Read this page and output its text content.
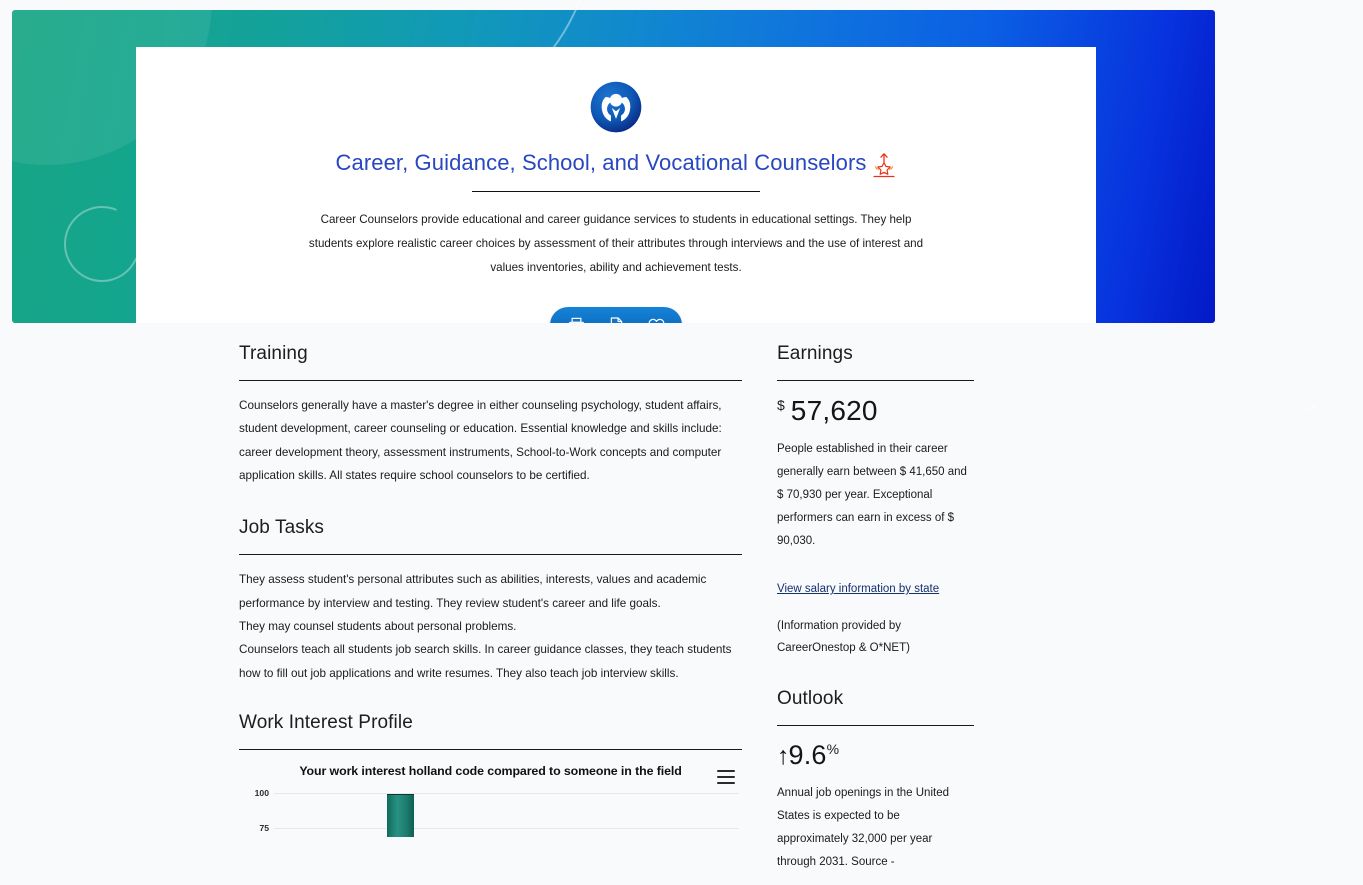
Career, Guidance, School, and Vocational Counselors
Career Counselors provide educational and career guidance services to students in educational settings. They help students explore realistic career choices by assessment of their attributes through interviews and the use of interest and values inventories, ability and achievement tests.
Training

Counselors generally have a master's degree in either counseling psychology, student affairs, student development, career counseling or education. Essential knowledge and skills include: career development theory, assessment instruments, School-to-Work concepts and computer application skills. All states require school counselors to be certified.

Job Tasks

They assess student's personal attributes such as abilities, interests, values and academic performance by interview and testing. They review student's career and life goals.

They may counsel students about personal problems.

Counselors teach all students job search skills. In career guidance classes, they teach students how to fill out job applications and write resumes. They also teach job interview skills.

Work Interest Profile
Your work interest holland code compared to someone in the field
100
75
Earnings
$ 57,620

People established in their career generally earn between $ 41,650 and $ 70,930 per year. Exceptional performers can earn in excess of $ 90,030.

View salary information by state

(Information provided by CareerOnestop & O*NET)

Outlook
↑ 9.6 %

Annual job openings in the United States is expected to be approximately 32,000 per year through 2031. Source -
